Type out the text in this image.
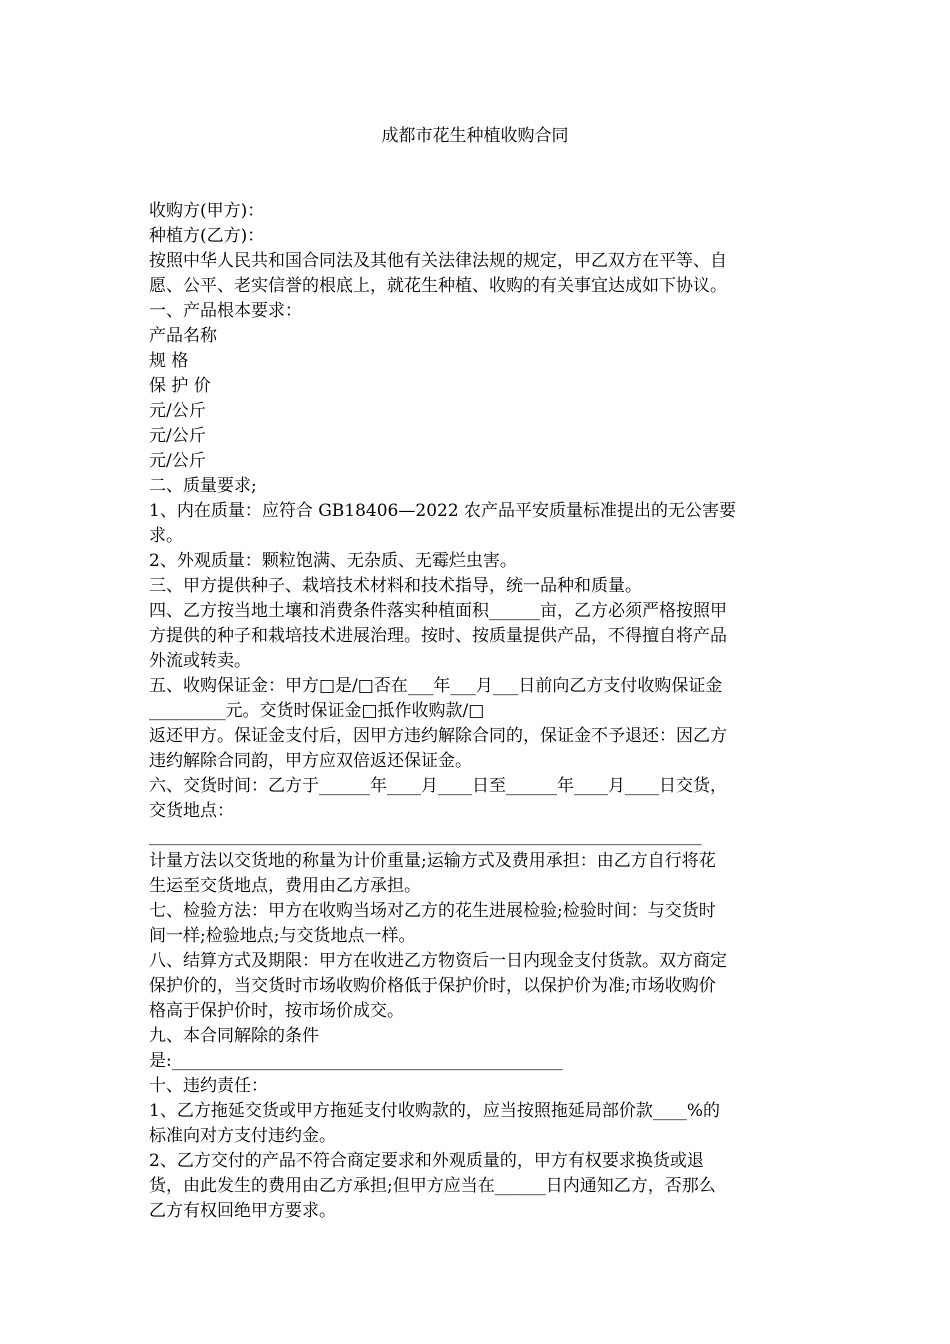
成都市花生种植收购合同
收购方(甲方)：
种植方(乙方)：
按照中华人民共和国合同法及其他有关法律法规的规定，甲乙双方在平等、自
愿、公平、老实信誉的根底上，就花生种植、收购的有关事宜达成如下协议。
一、产品根本要求：
产品名称
规 格
保 护 价
元/公斤
元/公斤
元/公斤
二、质量要求;
1、内在质量：应符合 GB18406—2022 农产品平安质量标准提出的无公害要
求。
2、外观质量：颗粒饱满、无杂质、无霉烂虫害。
三、甲方提供种子、栽培技术材料和技术指导，统一品种和质量。
四、乙方按当地土壤和消费条件落实种植面积______亩，乙方必须严格按照甲
方提供的种子和栽培技术进展治理。按时、按质量提供产品，不得擅自将产品
外流或转卖。
五、收购保证金：甲方□是/□否在___年___月___日前向乙方支付收购保证金
_________元。交货时保证金□抵作收购款/□
返还甲方。保证金支付后，因甲方违约解除合同的，保证金不予退还：因乙方
违约解除合同韵，甲方应双倍返还保证金。
六、交货时间：乙方于______年____月____日至______年____月____日交货，
交货地点：
_________________________________________________________________
计量方法以交货地的称量为计价重量;运输方式及费用承担：由乙方自行将花
生运至交货地点，费用由乙方承担。
七、检验方法：甲方在收购当场对乙方的花生进展检验;检验时间：与交货时
间一样;检验地点;与交货地点一样。
八、结算方式及期限：甲方在收进乙方物资后一日内现金支付货款。双方商定
保护价的，当交货时市场收购价格低于保护价时，以保护价为准;市场收购价
格高于保护价时，按市场价成交。
九、本合同解除的条件
是:______________________________________________
十、违约责任：
1、乙方拖延交货或甲方拖延支付收购款的，应当按照拖延局部价款____%的
标准向对方支付违约金。
2、乙方交付的产品不符合商定要求和外观质量的，甲方有权要求换货或退
货，由此发生的费用由乙方承担;但甲方应当在______日内通知乙方，否那么
乙方有权回绝甲方要求。
